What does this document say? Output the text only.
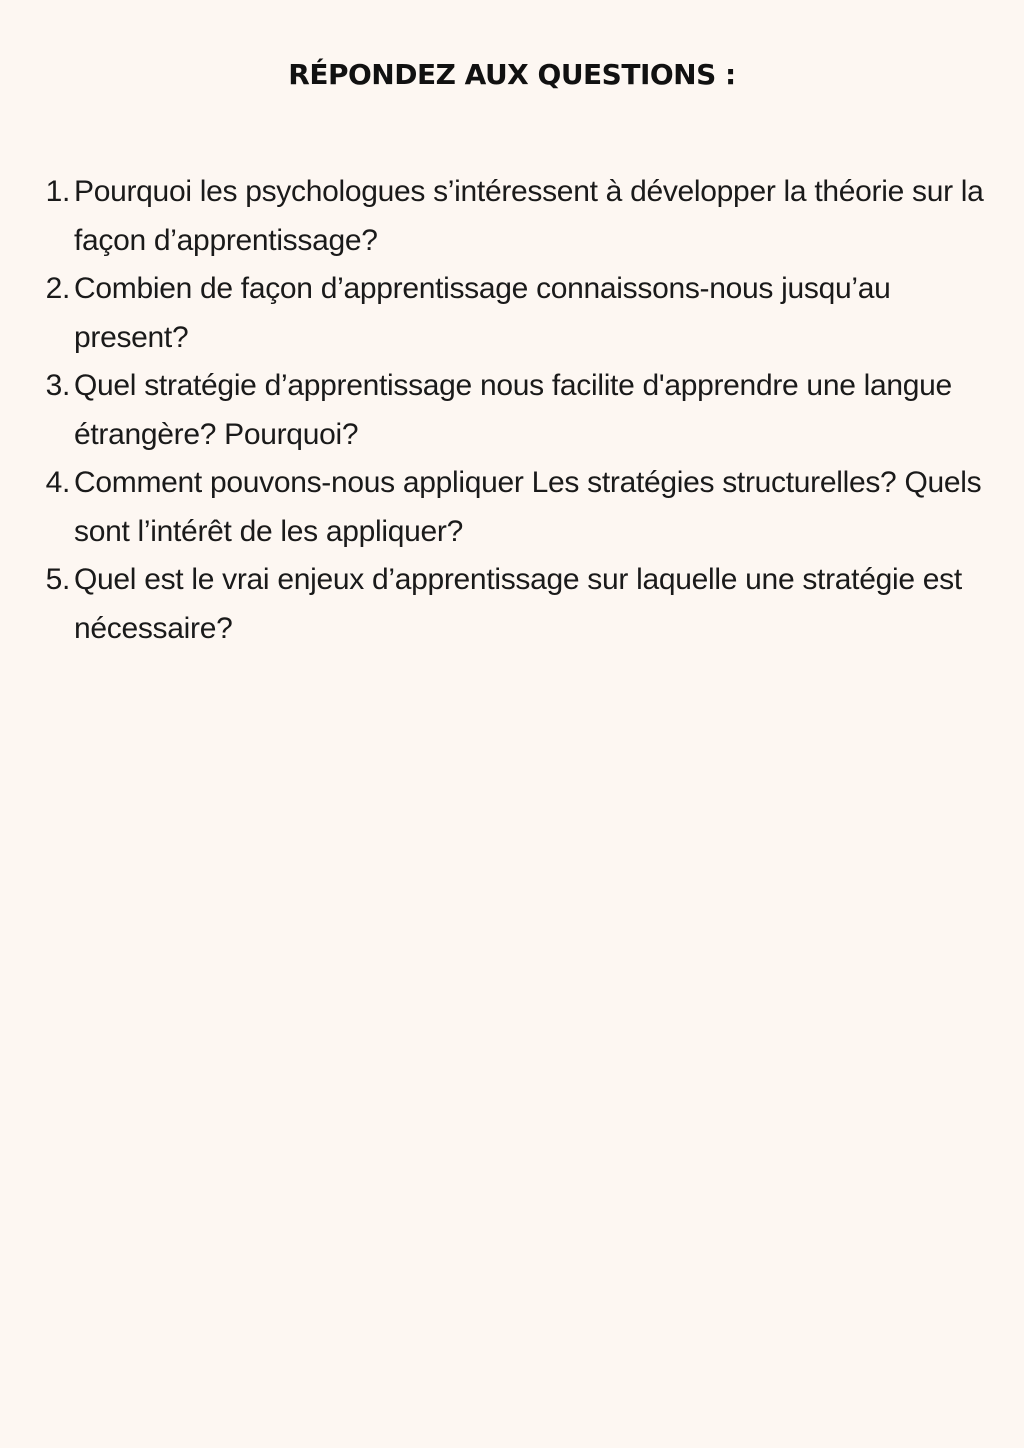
RÉPONDEZ AUX QUESTIONS :
1. Pourquoi les psychologues s’intéressent à développer la théorie sur la façon d’apprentissage?
2. Combien de façon d’apprentissage connaissons-nous jusqu’au present?
3. Quel stratégie d’apprentissage nous facilite d'apprendre une langue étrangère? Pourquoi?
4. Comment pouvons-nous appliquer Les stratégies structurelles? Quels sont l’intérêt de les appliquer?
5. Quel est le vrai enjeux d’apprentissage sur laquelle une stratégie est nécessaire?
